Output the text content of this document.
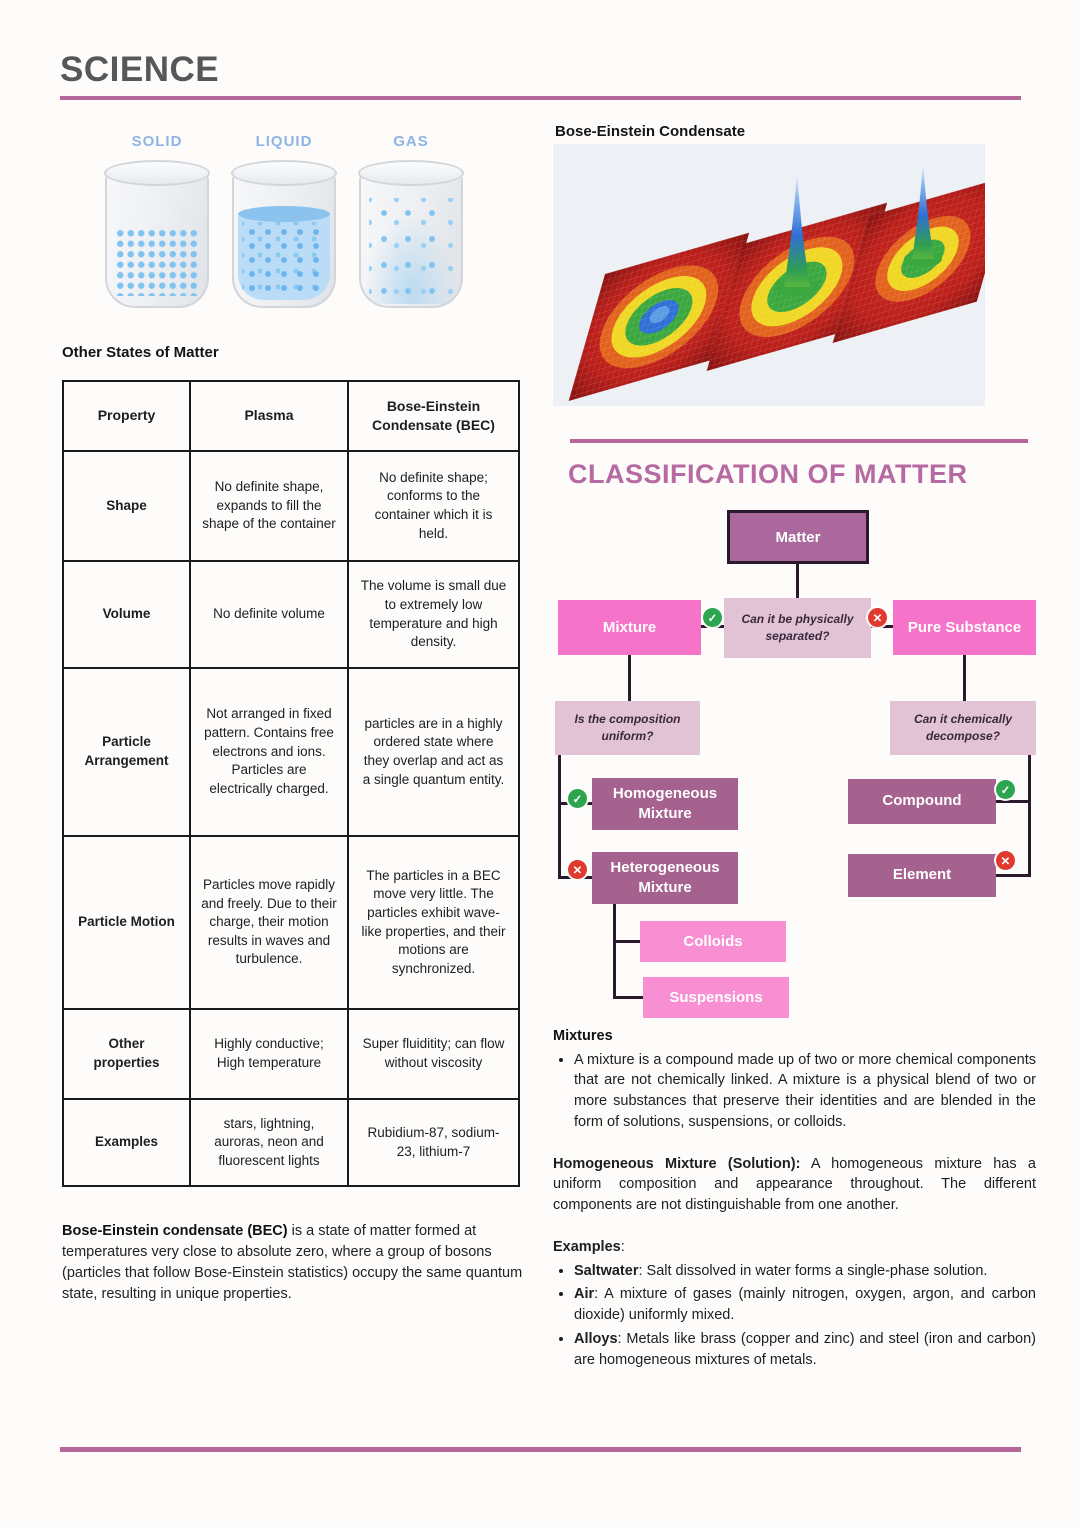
SCIENCE
SOLID	LIQUID	GAS
Other States of Matter
Property	Plasma	Bose-Einstein Condensate (BEC)
Shape	No definite shape, expands to fill the shape of the container	No definite shape; conforms to the container which it is held.
Volume	No definite volume	The volume is small due to extremely low temperature and high density.
Particle Arrangement	Not arranged in fixed pattern. Contains free electrons and ions. Particles are electrically charged.	particles are in a highly ordered state where they overlap and act as a single quantum entity.
Particle Motion	Particles move rapidly and freely. Due to their charge, their motion results in waves and turbulence.	The particles in a BEC move very little. The particles exhibit wave-like properties, and their motions are synchronized.
Other properties	Highly conductive; High temperature	Super fluiditity; can flow without viscosity
Examples	stars, lightning, auroras, neon and fluorescent lights	Rubidium-87, sodium-23, lithium-7

Bose-Einstein condensate (BEC) is a state of matter formed at temperatures very close to absolute zero, where a group of bosons (particles that follow Bose-Einstein statistics) occupy the same quantum state, resulting in unique properties.

Bose-Einstein Condensate
CLASSIFICATION OF MATTER
Matter
Mixture	Can it be physically separated?	Pure Substance
Is the composition uniform?
Can it chemically decompose?
Homogeneous Mixture
Heterogeneous Mixture
Colloids
Suspensions
Compound
Element
✓	✕
✓
✕
✓
✕
Mixtures
• A mixture is a compound made up of two or more chemical components that are not chemically linked. A mixture is a physical blend of two or more substances that preserve their identities and are blended in the form of solutions, suspensions, or colloids.

Homogeneous Mixture (Solution): A homogeneous mixture has a uniform composition and appearance throughout. The different components are not distinguishable from one another.

Examples:

• Saltwater: Salt dissolved in water forms a single-phase solution.
• Air: A mixture of gases (mainly nitrogen, oxygen, argon, and carbon dioxide) uniformly mixed.
• Alloys: Metals like brass (copper and zinc) and steel (iron and carbon) are homogeneous mixtures of metals.
